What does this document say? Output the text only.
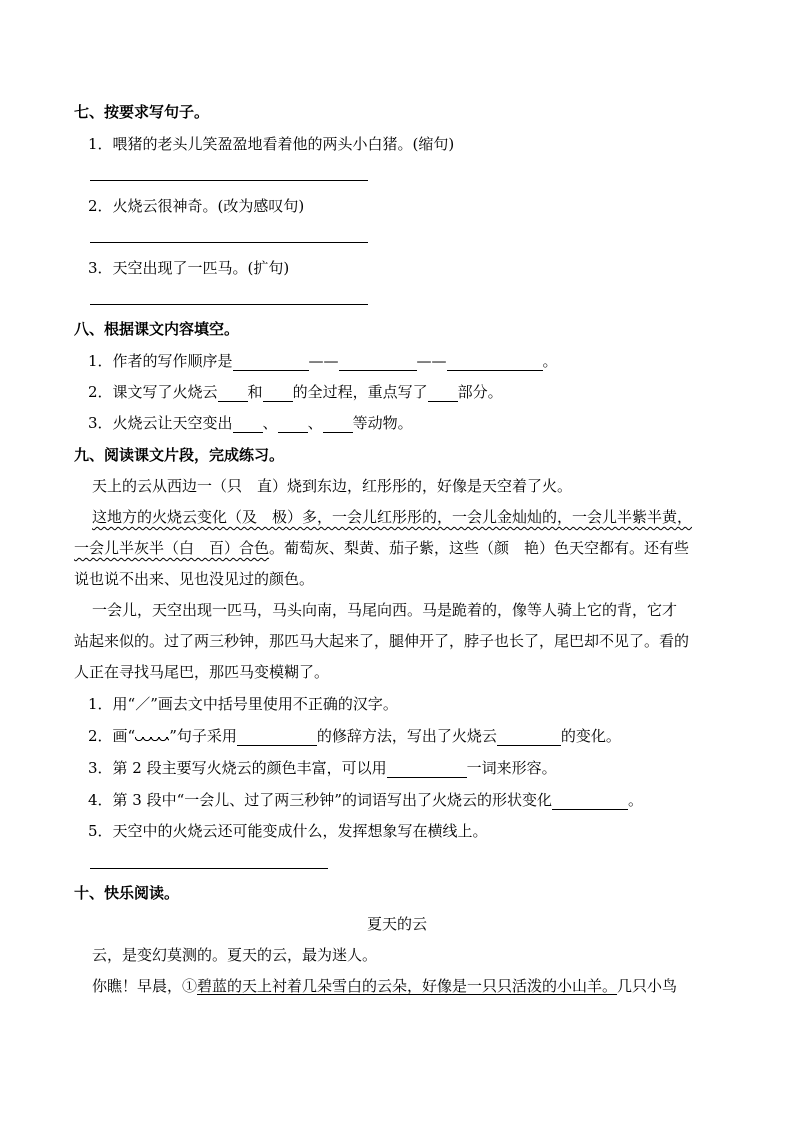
七、按要求写句子。
1．喂猪的老头儿笑盈盈地看着他的两头小白猪。(缩句)
2．火烧云很神奇。(改为感叹句)
3．天空出现了一匹马。(扩句)
八、根据课文内容填空。
1．作者的写作顺序是	——	——	。
2．课文写了火烧云 和 的全过程，重点写了 部分。
3．火烧云让天空变出 、 、 等动物。
九、阅读课文片段，完成练习。
天上的云从西边一（只　直）烧到东边，红彤彤的，好像是天空着了火。
这地方的火烧云变化（及　极）多，一会儿红彤彤的，一会儿金灿灿的，一会儿半紫半黄，
一会儿半灰半（白　百）合色。葡萄灰、梨黄、茄子紫，这些（颜　艳）色天空都有。还有些
说也说不出来、见也没见过的颜色。
一会儿，天空出现一匹马，马头向南，马尾向西。马是跪着的，像等人骑上它的背，它才
站起来似的。过了两三秒钟，那匹马大起来了，腿伸开了，脖子也长了，尾巴却不见了。看的
人正在寻找马尾巴，那匹马变模糊了。
1．用“／”画去文中括号里使用不正确的汉字。
2．画“ ”句子采用	的修辞方法，写出了火烧云	的变化。
3．第 2 段主要写火烧云的颜色丰富，可以用	一词来形容。
4．第 3 段中“一会儿、过了两三秒钟”的词语写出了火烧云的形状变化	。
5．天空中的火烧云还可能变成什么，发挥想象写在横线上。
十、快乐阅读。
夏天的云
云，是变幻莫测的。夏天的云，最为迷人。
你瞧！早晨，①碧蓝的天上衬着几朵雪白的云朵，好像是一只只活泼的小山羊。几只小鸟
